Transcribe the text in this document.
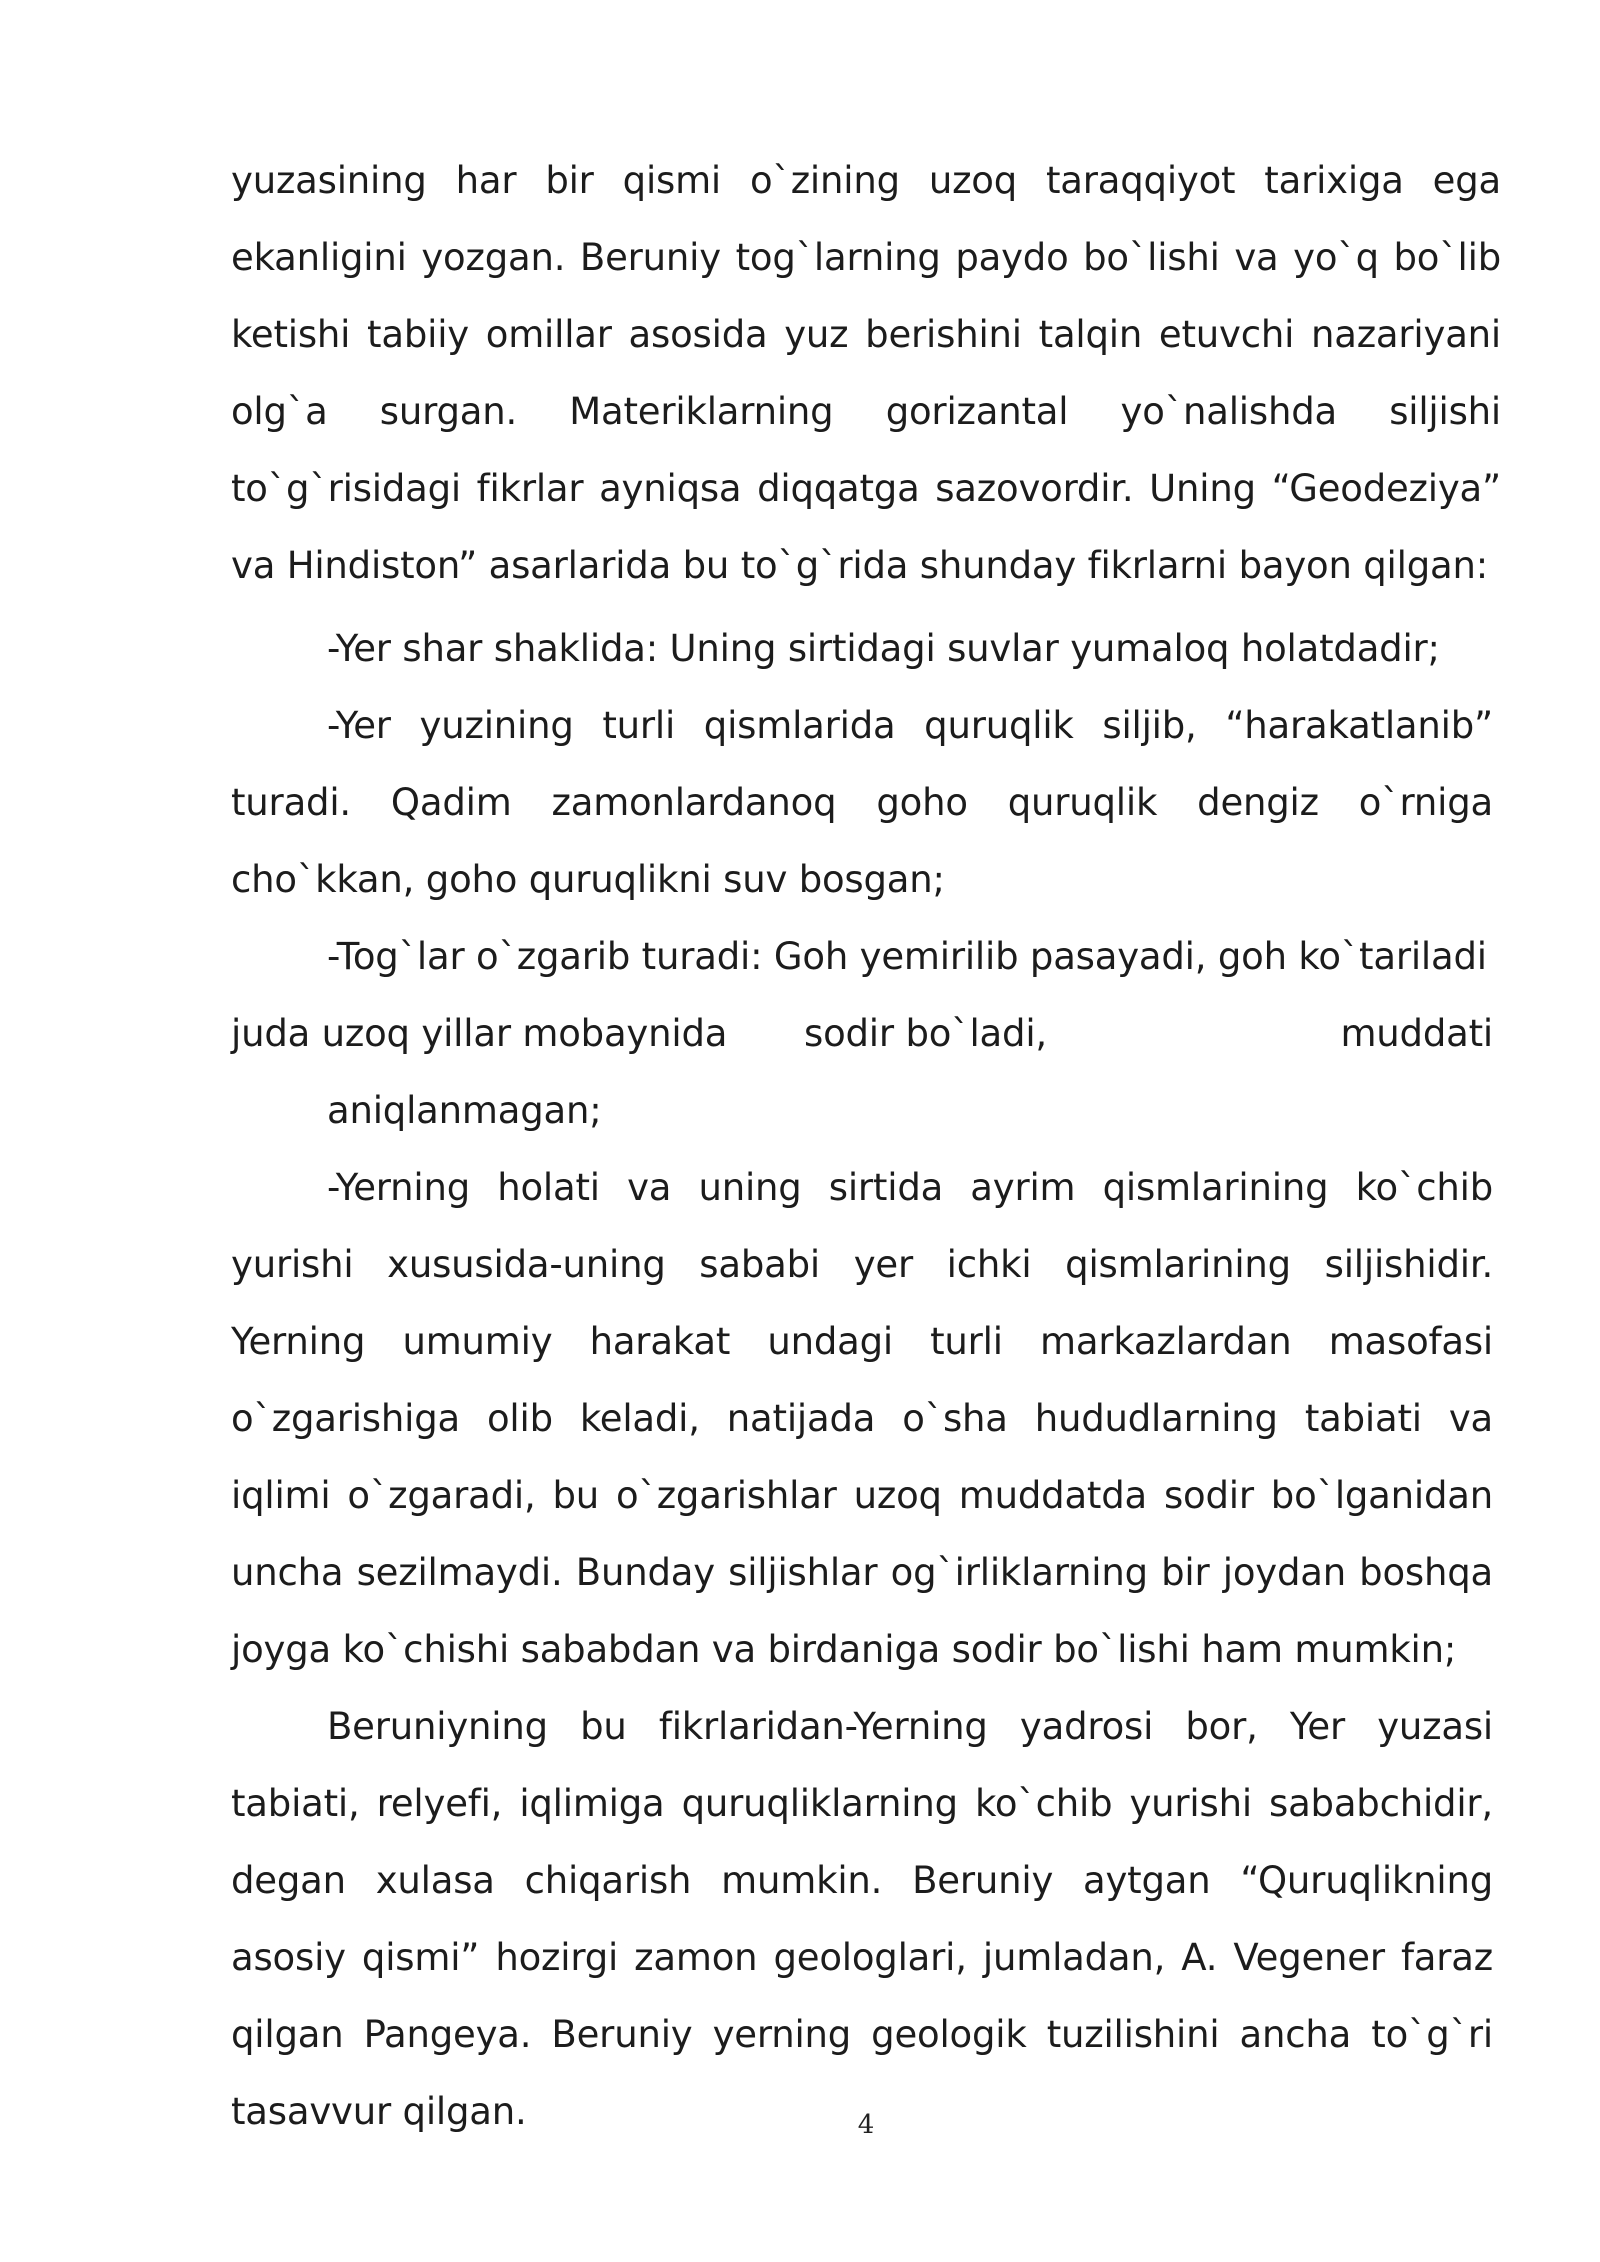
yuzasining har bir qismi o`zining uzoq taraqqiyot tarixiga ega ekanligini yozgan. Beruniy tog`larning paydo bo`lishi va yo`q bo`lib ketishi tabiiy omillar asosida yuz berishini talqin etuvchi nazariyani olg`a surgan. Materiklarning gorizantal yo`nalishda siljishi to`g`risidagi fikrlar ayniqsa diqqatga sazovordir. Uning “Geodeziya” va Hindiston” asarlarida bu to`g`rida shunday fikrlarni bayon qilgan:

-Yer shar shaklida: Uning sirtidagi suvlar yumaloq holatdadir;

-Yer yuzining turli qismlarida quruqlik siljib, “harakatlanib” turadi. Qadim zamonlardanoq goho quruqlik dengiz o`rniga cho`kkan, goho quruqlikni suv bosgan;

-Tog`lar o`zgarib turadi: Goh yemirilib pasayadi, goh ko`tariladi

juda uzoq yillar mobaynida sodir bo`ladi,	muddati

aniqlanmagan;

-Yerning holati va uning sirtida ayrim qismlarining ko`chib yurishi xususida-uning sababi yer ichki qismlarining siljishidir. Yerning umumiy harakat undagi turli markazlardan masofasi o`zgarishiga olib keladi, natijada o`sha hududlarning tabiati va iqlimi o`zgaradi, bu o`zgarishlar uzoq muddatda sodir bo`lganidan uncha sezilmaydi. Bunday siljishlar og`irliklarning bir joydan boshqa joyga ko`chishi sababdan va birdaniga sodir bo`lishi ham mumkin;

Beruniyning bu fikrlaridan-Yerning yadrosi bor, Yer yuzasi tabiati, relyefi, iqlimiga quruqliklarning ko`chib yurishi sababchidir, degan xulasa chiqarish mumkin. Beruniy aytgan “Quruqlikning asosiy qismi” hozirgi zamon geologlari, jumladan, A. Vegener faraz qilgan Pangeya. Beruniy yerning geologik tuzilishini ancha to`g`ri tasavvur qilgan.	4
